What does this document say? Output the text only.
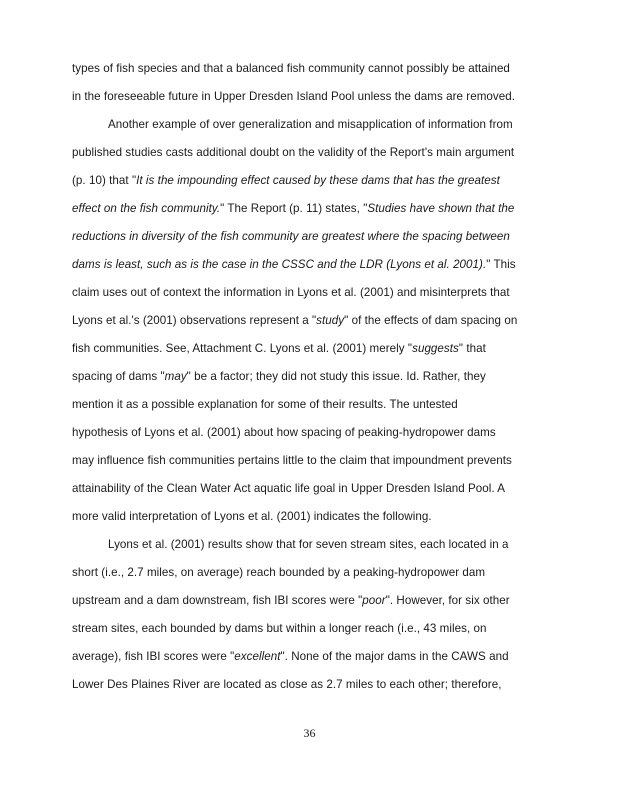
types of fish species and that a balanced fish community cannot possibly be attained
in the foreseeable future in Upper Dresden Island Pool unless the dams are removed.
Another example of over generalization and misapplication of information from
published studies casts additional doubt on the validity of the Report's main argument
(p. 10) that "It is the impounding effect caused by these dams that has the greatest
effect on the fish community." The Report (p. 11) states, "Studies have shown that the
reductions in diversity of the fish community are greatest where the spacing between
dams is least, such as is the case in the CSSC and the LDR (Lyons et al. 2001)." This
claim uses out of context the information in Lyons et al. (2001) and misinterprets that
Lyons et al.'s (2001) observations represent a "study" of the effects of dam spacing on
fish communities. See, Attachment C. Lyons et al. (2001) merely "suggests" that
spacing of dams "may" be a factor; they did not study this issue. Id. Rather, they
mention it as a possible explanation for some of their results. The untested
hypothesis of Lyons et al. (2001) about how spacing of peaking-hydropower dams
may influence fish communities pertains little to the claim that impoundment prevents
attainability of the Clean Water Act aquatic life goal in Upper Dresden Island Pool. A
more valid interpretation of Lyons et al. (2001) indicates the following.
Lyons et al. (2001) results show that for seven stream sites, each located in a
short (i.e., 2.7 miles, on average) reach bounded by a peaking-hydropower dam
upstream and a dam downstream, fish IBI scores were "poor". However, for six other
stream sites, each bounded by dams but within a longer reach (i.e., 43 miles, on
average), fish IBI scores were "excellent". None of the major dams in the CAWS and
Lower Des Plaines River are located as close as 2.7 miles to each other; therefore,
36
